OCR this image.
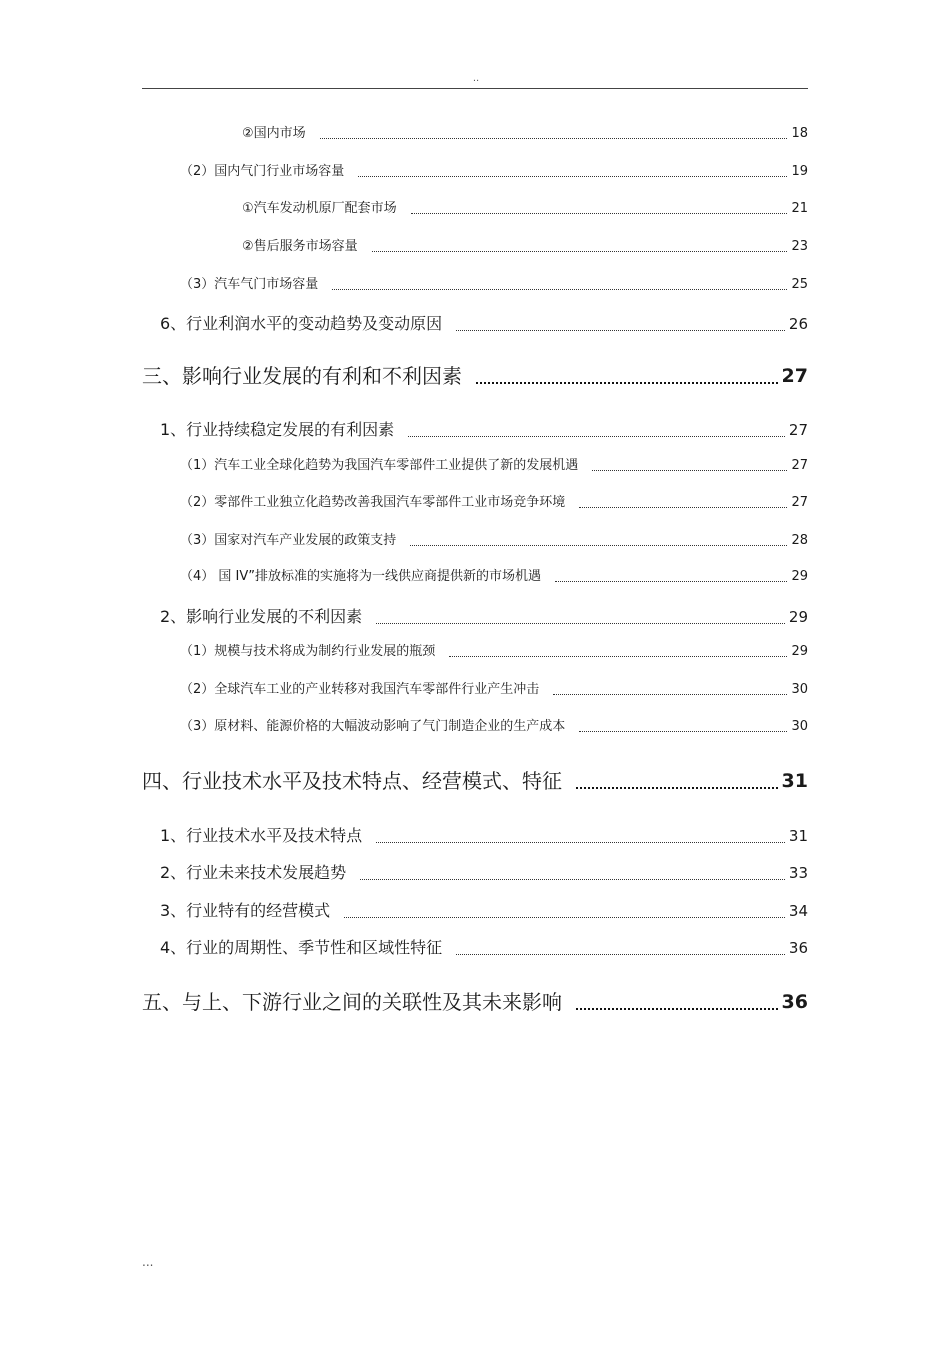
..
②国内市场	18
（2）国内气门行业市场容量	19
①汽车发动机原厂配套市场	21
②售后服务市场容量	23
（3）汽车气门市场容量	25
6、行业利润水平的变动趋势及变动原因	26
三、影响行业发展的有利和不利因素	27
1、行业持续稳定发展的有利因素	27
（1）汽车工业全球化趋势为我国汽车零部件工业提供了新的发展机遇	27
（2）零部件工业独立化趋势改善我国汽车零部件工业市场竞争环境	27
（3）国家对汽车产业发展的政策支持	28
（4） 国 IV”排放标准的实施将为一线供应商提供新的市场机遇	29
2、影响行业发展的不利因素	29
（1）规模与技术将成为制约行业发展的瓶颈	29
（2）全球汽车工业的产业转移对我国汽车零部件行业产生冲击	30
（3）原材料、能源价格的大幅波动影响了气门制造企业的生产成本	30
四、行业技术水平及技术特点、经营模式、特征	31
1、行业技术水平及技术特点	31
2、行业未来技术发展趋势	33
3、行业特有的经营模式	34
4、行业的周期性、季节性和区域性特征	36
五、与上、下游行业之间的关联性及其未来影响	36
...
